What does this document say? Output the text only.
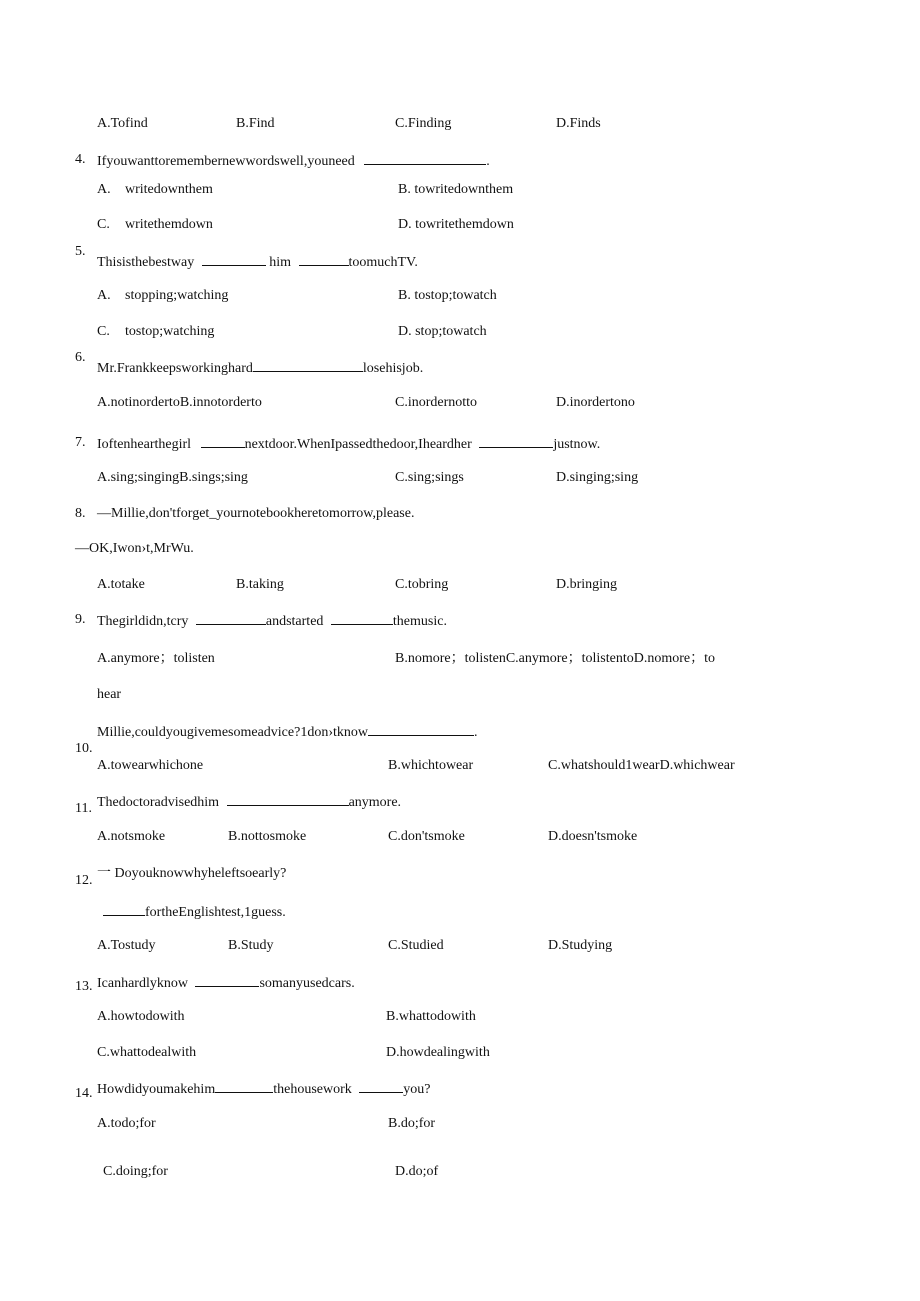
A.Tofind	B.Find	C.Finding	D.Finds
4. Ifyouwanttoremembernewwordswell,youneed	.
A. writedownthem	B. towritedownthem
C. writethemdown	D. towritethemdown
5.
Thisisthebestway	him	toomuchTV.
A. stopping;watching	B. tostop;towatch
C. tostop;watching	D. stop;towatch
6.
Mr.Frankkeepsworkinghard	losehisjob.
A.notinordertoB.innotorderto	C.inordernotto	D.inordertono
7. Ioftenhearthegirl	nextdoor.WhenIpassedthedoor,Iheardher	justnow.
A.sing;singingB.sings;sing	C.sing;sings	D.singing;sing
8. —Millie,don'tforget_yournotebookheretomorrow,please.
—OK,Iwon›t,MrWu.
A.totake	B.taking	C.tobring	D.bringing
9. Thegirldidn,tcry	andstarted	themusic.
A.anymore；tolisten	B.nomore；tolistenC.anymore；tolistentoD.nomore；to
hear
Millie,couldyougivemesomeadvice?1don›tknow	.
10.
A.towearwhichone	B.whichtowear	C.whatshould1wearD.whichwear
Thedoctoradvisedhim	anymore.
11.
A.notsmoke	B.nottosmoke	C.don'tsmoke	D.doesn'tsmoke
12. 一 Doyouknowwhyheleftsoearly?
fortheEnglishtest,1guess.
A.Tostudy	B.Study	C.Studied	D.Studying
13. Icanhardlyknow	somanyusedcars.
A.howtodowith	B.whattodowith
C.whattodealwith	D.howdealingwith
14. Howdidyoumakehim	thehousework	you?
A.todo;for	B.do;for
C.doing;for	D.do;of
